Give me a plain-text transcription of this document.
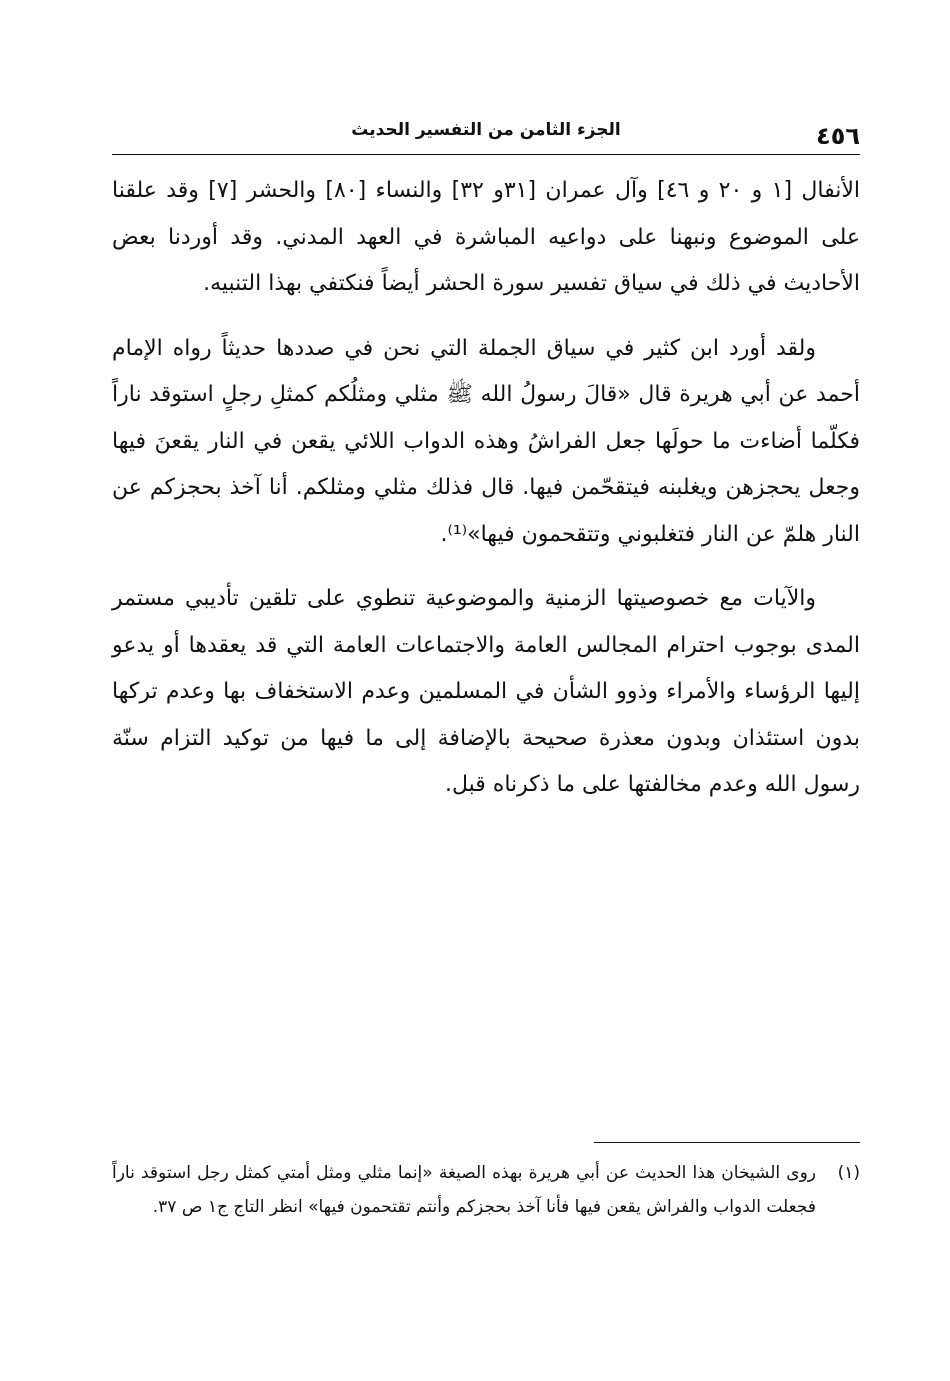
٤٥٦
الجزء الثامن من التفسير الحديث

الأنفال [١ و ٢٠ و ٤٦] وآل عمران [٣١و ٣٢] والنساء [٨٠] والحشر [٧] وقد علقنا على الموضوع ونبهنا على دواعيه المباشرة في العهد المدني. وقد أوردنا بعض الأحاديث في ذلك في سياق تفسير سورة الحشر أيضاً فنكتفي بهذا التنبيه.

ولقد أورد ابن كثير في سياق الجملة التي نحن في صددها حديثاً رواه الإمام أحمد عن أبي هريرة قال «قالَ رسولُ الله ﷺ مثلي ومثلُكم كمثلِ رجلٍ استوقد ناراً فكلّما أضاءت ما حولَها جعل الفراشُ وهذه الدواب اللائي يقعن في النار يقعنَ فيها وجعل يحجزهن ويغلبنه فيتقحّمن فيها. قال فذلك مثلي ومثلكم. أنا آخذ بحجزكم عن النار هلمّ عن النار فتغلبوني وتتقحمون فيها»⁽¹⁾.

والآيات مع خصوصيتها الزمنية والموضوعية تنطوي على تلقين تأديبي مستمر المدى بوجوب احترام المجالس العامة والاجتماعات العامة التي قد يعقدها أو يدعو إليها الرؤساء والأمراء وذوو الشأن في المسلمين وعدم الاستخفاف بها وعدم تركها بدون استئذان وبدون معذرة صحيحة بالإضافة إلى ما فيها من توكيد التزام سنّة رسول الله وعدم مخالفتها على ما ذكرناه قبل.

(١)
روى الشيخان هذا الحديث عن أبي هريرة بهذه الصيغة «إنما مثلي ومثل أمتي كمثل رجل استوقد ناراً فجعلت الدواب والفراش يقعن فيها فأنا آخذ بحجزكم وأنتم تقتحمون فيها» انظر التاج ج١ ص ٣٧.
